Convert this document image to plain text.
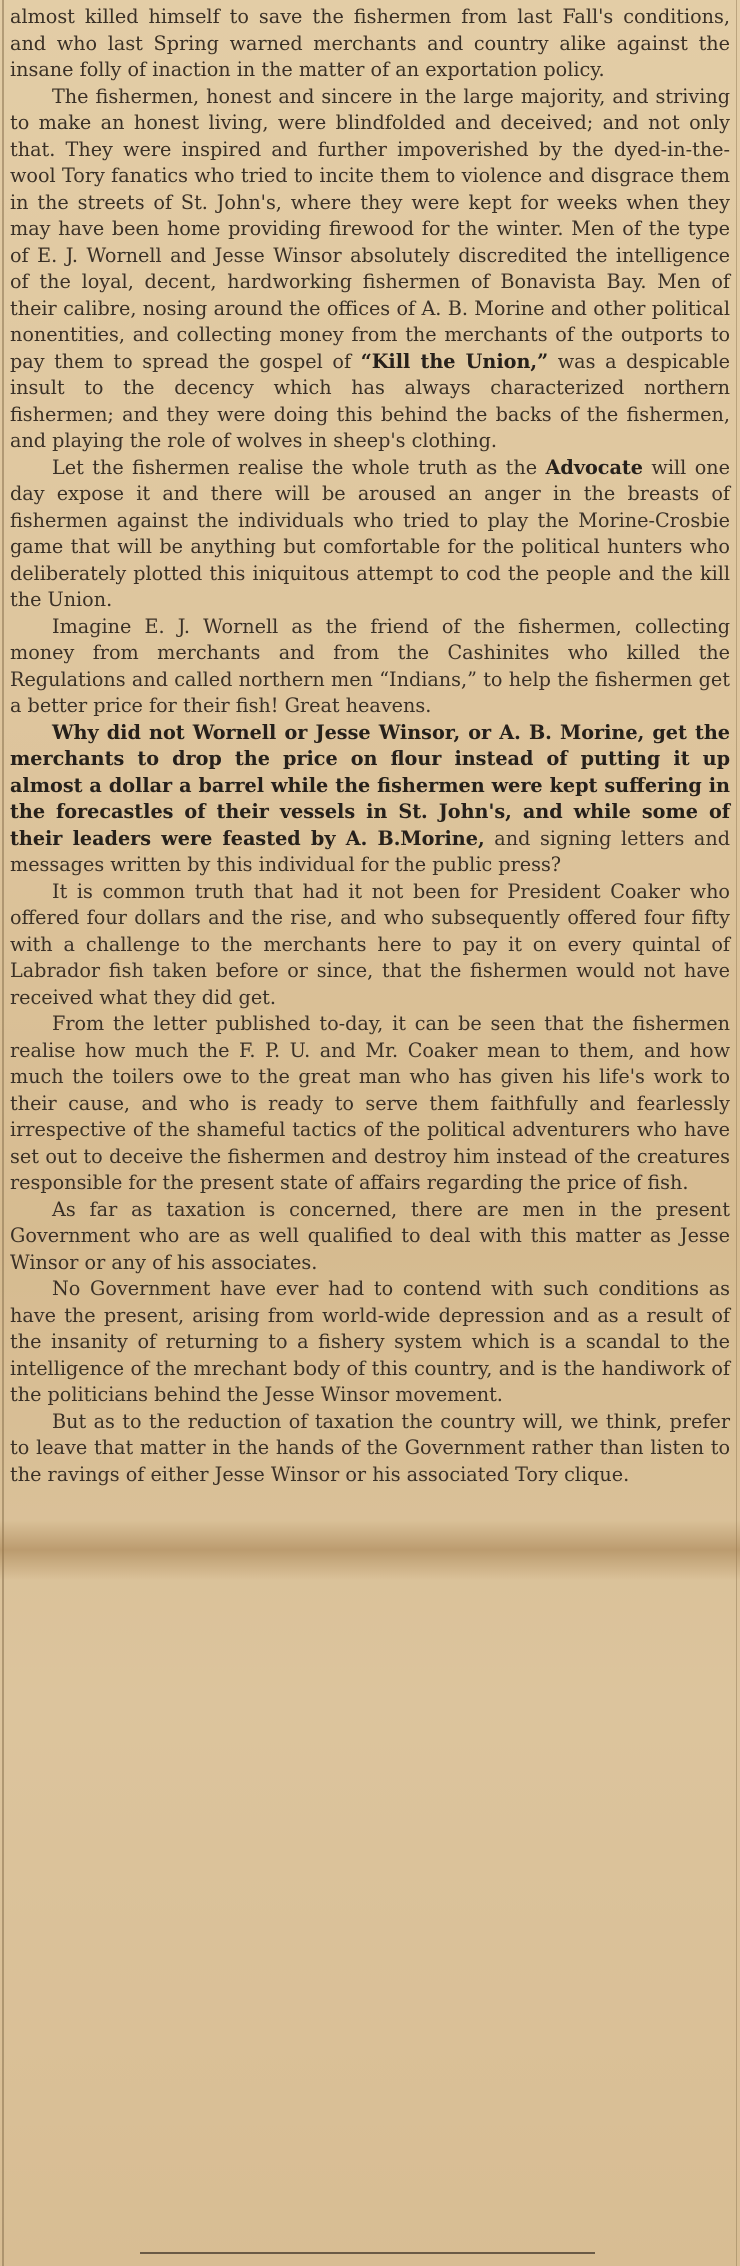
almost killed himself to save the fishermen from last Fall's conditions, and who last Spring warned merchants and country alike against the insane folly of inaction in the matter of an exportation policy.

The fishermen, honest and sincere in the large majority, and striving to make an honest living, were blindfolded and deceived; and not only that. They were inspired and further impoverished by the dyed-in-the-wool Tory fanatics who tried to incite them to violence and disgrace them in the streets of St. John's, where they were kept for weeks when they may have been home providing firewood for the winter. Men of the type of E. J. Wornell and Jesse Winsor absolutely discredited the intelligence of the loyal, decent, hardworking fishermen of Bonavista Bay. Men of their calibre, nosing around the offices of A. B. Morine and other political nonentities, and collecting money from the merchants of the outports to pay them to spread the gospel of “Kill the Union,” was a despicable insult to the decency which has always characterized northern fishermen; and they were doing this behind the backs of the fishermen, and playing the role of wolves in sheep's clothing.

Let the fishermen realise the whole truth as the Advocate will one day expose it and there will be aroused an anger in the breasts of fishermen against the individuals who tried to play the Morine-Crosbie game that will be anything but comfortable for the political hunters who deliberately plotted this iniquitous attempt to cod the people and the kill the Union.

Imagine E. J. Wornell as the friend of the fishermen, collecting money from merchants and from the Cashinites who killed the Regulations and called northern men “Indians,” to help the fishermen get a better price for their fish! Great heavens.

Why did not Wornell or Jesse Winsor, or A. B. Morine, get the merchants to drop the price on flour instead of putting it up almost a dollar a barrel while the fishermen were kept suffering in the forecastles of their vessels in St. John's, and while some of their leaders were feasted by A. B.Morine, and signing letters and messages written by this individual for the public press?

It is common truth that had it not been for President Coaker who offered four dollars and the rise, and who subsequently offered four fifty with a challenge to the merchants here to pay it on every quintal of Labrador fish taken before or since, that the fishermen would not have received what they did get.

From the letter published to-day, it can be seen that the fishermen realise how much the F. P. U. and Mr. Coaker mean to them, and how much the toilers owe to the great man who has given his life's work to their cause, and who is ready to serve them faithfully and fearlessly irrespective of the shameful tactics of the political adventurers who have set out to deceive the fishermen and destroy him instead of the creatures responsible for the present state of affairs regarding the price of fish.

As far as taxation is concerned, there are men in the present Government who are as well qualified to deal with this matter as Jesse Winsor or any of his associates.

No Government have ever had to contend with such conditions as have the present, arising from world-wide depression and as a result of the insanity of returning to a fishery system which is a scandal to the intelligence of the mrechant body of this country, and is the handiwork of the politicians behind the Jesse Winsor movement.

But as to the reduction of taxation the country will, we think, prefer to leave that matter in the hands of the Government rather than listen to the ravings of either Jesse Winsor or his associated Tory clique.
